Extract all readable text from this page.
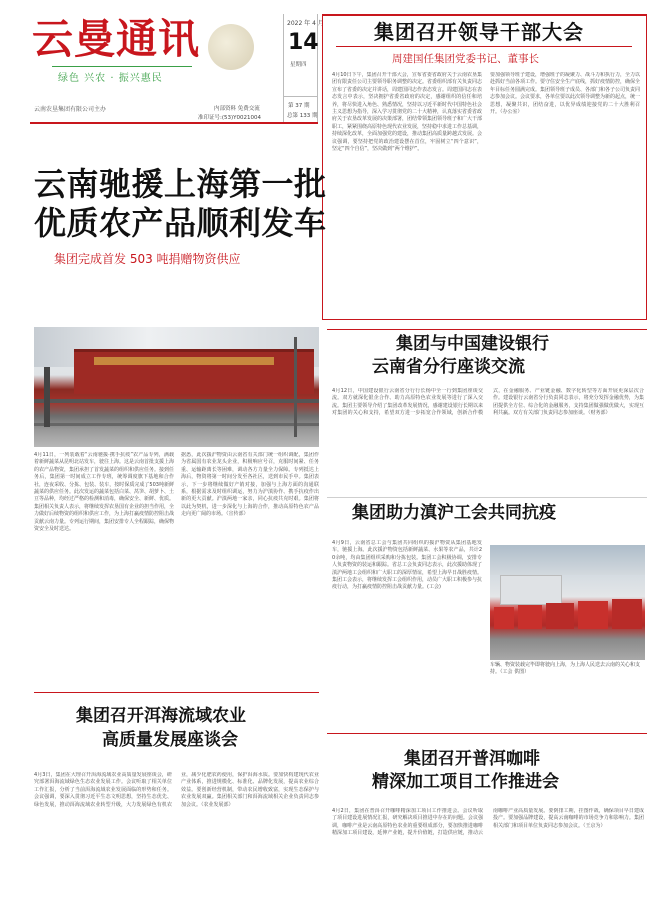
云曼通讯
绿色 兴农 · 振兴惠民
云南农垦集团有限公司主办	内部资料 免费交流
准印证号:(53)Y0021004
2022 年 4 月
14
星期四
第 37 期
总第 133 期
集团召开领导干部大会
周建国任集团党委书记、董事长
4月10日下午，集团召开干部大会，宣布省委省政府关于云南农垦集团有限责任公司主要领导职务调整的决定。省委组织部有关负责同志宣布了省委的决定并讲话，周建国同志作表态发言。周建国同志在表态发言中表示，坚决拥护省委省政府的决定，感谢组织的信任和培养，将尽快进入角色、熟悉情况，坚持以习近平新时代中国特色社会主义思想为指导，深入学习贯彻党的二十大精神，认真落实省委省政府关于农垦改革发展的决策部署，团结带领集团领导班子和广大干部职工，紧紧围绕高原特色现代农业发展，坚持稳中求进工作总基调，持续深化改革，全面加强党的建设，推动集团高质量跨越式发展。会议强调，要坚持把党的政治建设摆在首位，牢固树立“四个意识”，坚定“四个自信”，坚决做到“两个维护”。
要加强领导班子建设，增强班子的凝聚力、战斗力和执行力，全力以赴抓好当前各项工作。要守住安全生产底线，抓好疫情防控，确保全年目标任务圆满完成。集团领导班子成员、各部门和各子公司负责同志参加会议。会议要求，各单位要以此次领导调整为新的起点，统一思想，凝聚共识，团结奋进，以优异成绩迎接党的二十大胜利召开。（办公室）
云南驰援上海第一批
优质农产品顺利发车
集团完成首发 503 吨捐赠物资供应
4月11日，一列装载着“云南驰援·携手抗疫”农产品专列，满载着新鲜蔬菜从昆明北站发车，驶往上海。这是云南首批支援上海的农产品物资，集团承担了首发蔬菜的组织和供应任务。接到任务后，集团第一时间成立工作专班，统筹调度旗下基地和合作社，连夜采收、分拣、包装、装车，按时保质完成了503吨新鲜蔬菜的供应任务。此次发运的蔬菜包括白菜、莴笋、胡萝卜、土豆等品种，均经过严格的检测和消毒，确保安全、新鲜、优质。集团相关负责人表示，将继续发挥农垦国有企业的担当作用，全力做好后续物资的组织和供应工作，为上海打赢疫情防控阻击战贡献云南力量。专列运行期间，集团安排专人全程跟踪，确保物资安全及时送达。
据悉，此次援沪物资由云南省有关部门统一组织调配，集团作为省属国有农业龙头企业，积极响应号召，克服时间紧、任务重、运输距离长等困难，调动各方力量全力保障。专列抵达上海后，物资将第一时间分发至各社区，送到市民手中。集团表示，下一步将继续做好产销对接，加强与上海方面的沟通联系，根据需求及时组织调运，努力为沪滇协作、携手抗疫作出新的更大贡献。沪滇两地一家亲，同心抗疫共克时艰。集团将以此为契机，进一步深化与上海的合作，推动高原特色农产品走向更广阔的市场。（宣传部）
集团与中国建设银行
云南省分行座谈交流
4月12日，中国建设银行云南省分行行长杨中全一行到集团座谈交流。双方就深化银企合作、助力高原特色农业发展等进行了深入交流。集团主要领导介绍了集团改革发展情况，感谢建设银行长期以来对集团的关心和支持，希望双方进一步拓宽合作领域，创新合作模式，在金融服务、产业链金融、数字化转型等方面开展更深层次合作。建设银行云南省分行负责同志表示，将充分发挥金融优势，为集团提供全方位、综合化的金融服务，支持集团做强做优做大，实现互利共赢。双方有关部门负责同志参加座谈。（财务部）
集团助力滇沪工会共同抗疫
4月9日，云南省总工会与集团共同组织的援沪物资从集团基地发车，驰援上海。此次援沪物资包括新鲜蔬菜、水果等农产品，共计20余吨，均由集团组织采购和分拣包装。集团工会积极协调，安排专人负责物资的装运和跟踪。省总工会负责同志表示，此次援助体现了滇沪两地工会组织和广大职工的深厚情谊，希望上海早日战胜疫情。集团工会表示，将继续发挥工会组织作用，动员广大职工积极参与抗疫行动，为打赢疫情防控阻击战贡献力量。(工会)
车辆、物资装载完毕即将驶向上海，为上海人民送去云南的关心和支持。（工会 供图）
集团召开洱海流域农业
高质量发展座谈会
4月3日，集团在大理召开洱海流域农业高质量发展座谈会，研究部署洱海流域绿色生态农业发展工作。会议听取了相关单位工作汇报，分析了当前洱海流域农业发展面临的形势和任务。会议强调，要深入贯彻习近平生态文明思想，坚持生态优先、绿色发展，推动洱海流域农业转型升级，大力发展绿色有机农业，减少化肥农药使用，保护洱海水质。要加快构建现代农业产业体系，推进规模化、标准化、品牌化发展，提高农业综合效益。要创新经营机制，带动农民增收致富，实现生态保护与农业发展双赢。集团相关部门和洱海流域相关企业负责同志参加会议。（农业发展部）
集团召开普洱咖啡
精深加工项目工作推进会
4月2日，集团在普洱召开咖啡精深加工项目工作推进会。会议听取了项目建设进展情况汇报，研究解决项目推进中存在的问题。会议强调，咖啡产业是云南高原特色农业的重要组成部分，要加快推进咖啡精深加工项目建设，延伸产业链，提升价值链，打造供应链，推动云南咖啡产业高质量发展。要倒排工期，挂图作战，确保项目早日建成投产。要加强品牌建设，提高云南咖啡的市场竞争力和影响力。集团相关部门和项目单位负责同志参加会议。（王京为）
